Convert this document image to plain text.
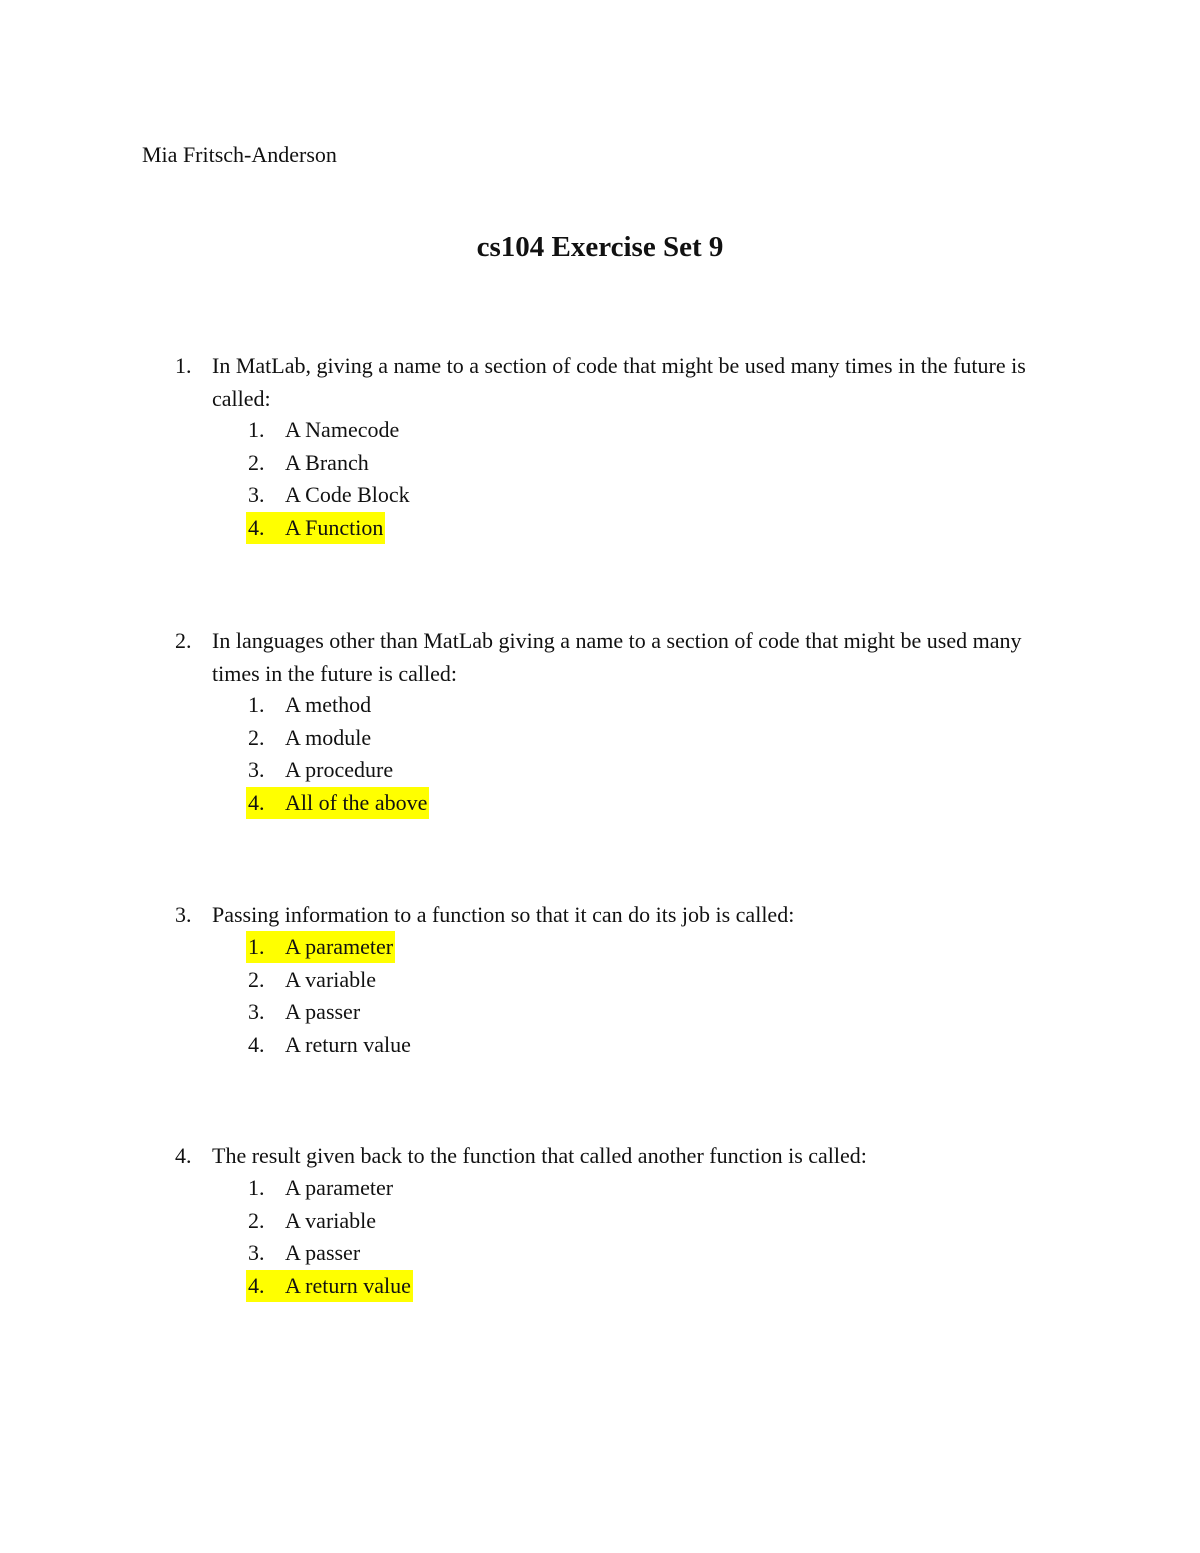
Mia Fritsch-Anderson
cs104 Exercise Set 9
1. In MatLab, giving a name to a section of code that might be used many times in the future is called:
1. A Namecode
2. A Branch
3. A Code Block
4. A Function
2. In languages other than MatLab giving a name to a section of code that might be used many times in the future is called:
1. A method
2. A module
3. A procedure
4. All of the above
3. Passing information to a function so that it can do its job is called:
1. A parameter
2. A variable
3. A passer
4. A return value
4. The result given back to the function that called another function is called:
1. A parameter
2. A variable
3. A passer
4. A return value
